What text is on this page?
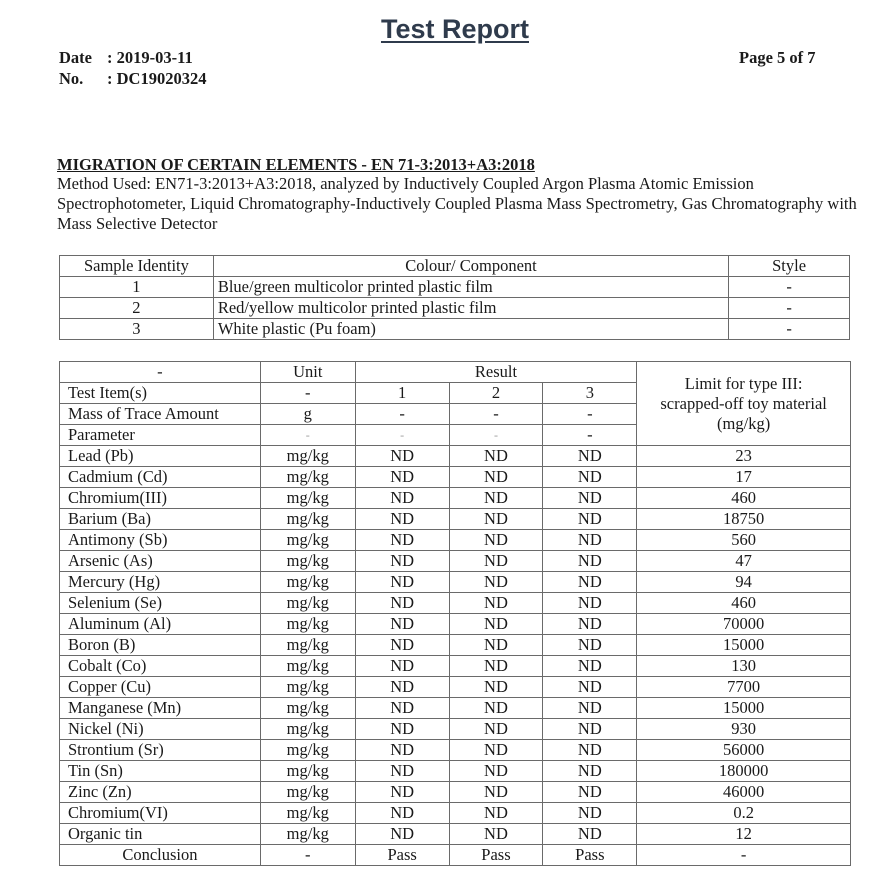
Test Report
Date : 2019-03-11
No. : DC19020324
Page 5 of 7
MIGRATION OF CERTAIN ELEMENTS - EN 71-3:2013+A3:2018
Method Used: EN71-3:2013+A3:2018, analyzed by Inductively Coupled Argon Plasma Atomic Emission Spectrophotometer, Liquid Chromatography-Inductively Coupled Plasma Mass Spectrometry, Gas Chromatography with Mass Selective Detector
Sample Identity	Colour/ Component	Style
1	Blue/green multicolor printed plastic film	-
2	Red/yellow multicolor printed plastic film	-
3	White plastic (Pu foam)	-
-	Unit	Result			Limit for type III:
scrapped-off toy material
(mg/kg)

Test Item(s)	-	1	2	3	
Mass of Trace Amount	g	-	-	-	
Parameter	-	-	-	-	
Lead (Pb)	mg/kg	ND	ND	ND	23
Cadmium (Cd)	mg/kg	ND	ND	ND	17
Chromium(III)	mg/kg	ND	ND	ND	460
Barium (Ba)	mg/kg	ND	ND	ND	18750
Antimony (Sb)	mg/kg	ND	ND	ND	560
Arsenic (As)	mg/kg	ND	ND	ND	47
Mercury (Hg)	mg/kg	ND	ND	ND	94
Selenium (Se)	mg/kg	ND	ND	ND	460
Aluminum (Al)	mg/kg	ND	ND	ND	70000
Boron (B)	mg/kg	ND	ND	ND	15000
Cobalt (Co)	mg/kg	ND	ND	ND	130
Copper (Cu)	mg/kg	ND	ND	ND	7700
Manganese (Mn)	mg/kg	ND	ND	ND	15000
Nickel (Ni)	mg/kg	ND	ND	ND	930
Strontium (Sr)	mg/kg	ND	ND	ND	56000
Tin (Sn)	mg/kg	ND	ND	ND	180000
Zinc (Zn)	mg/kg	ND	ND	ND	46000
Chromium(VI)	mg/kg	ND	ND	ND	0.2
Organic tin	mg/kg	ND	ND	ND	12
Conclusion	-	Pass	Pass	Pass	-
